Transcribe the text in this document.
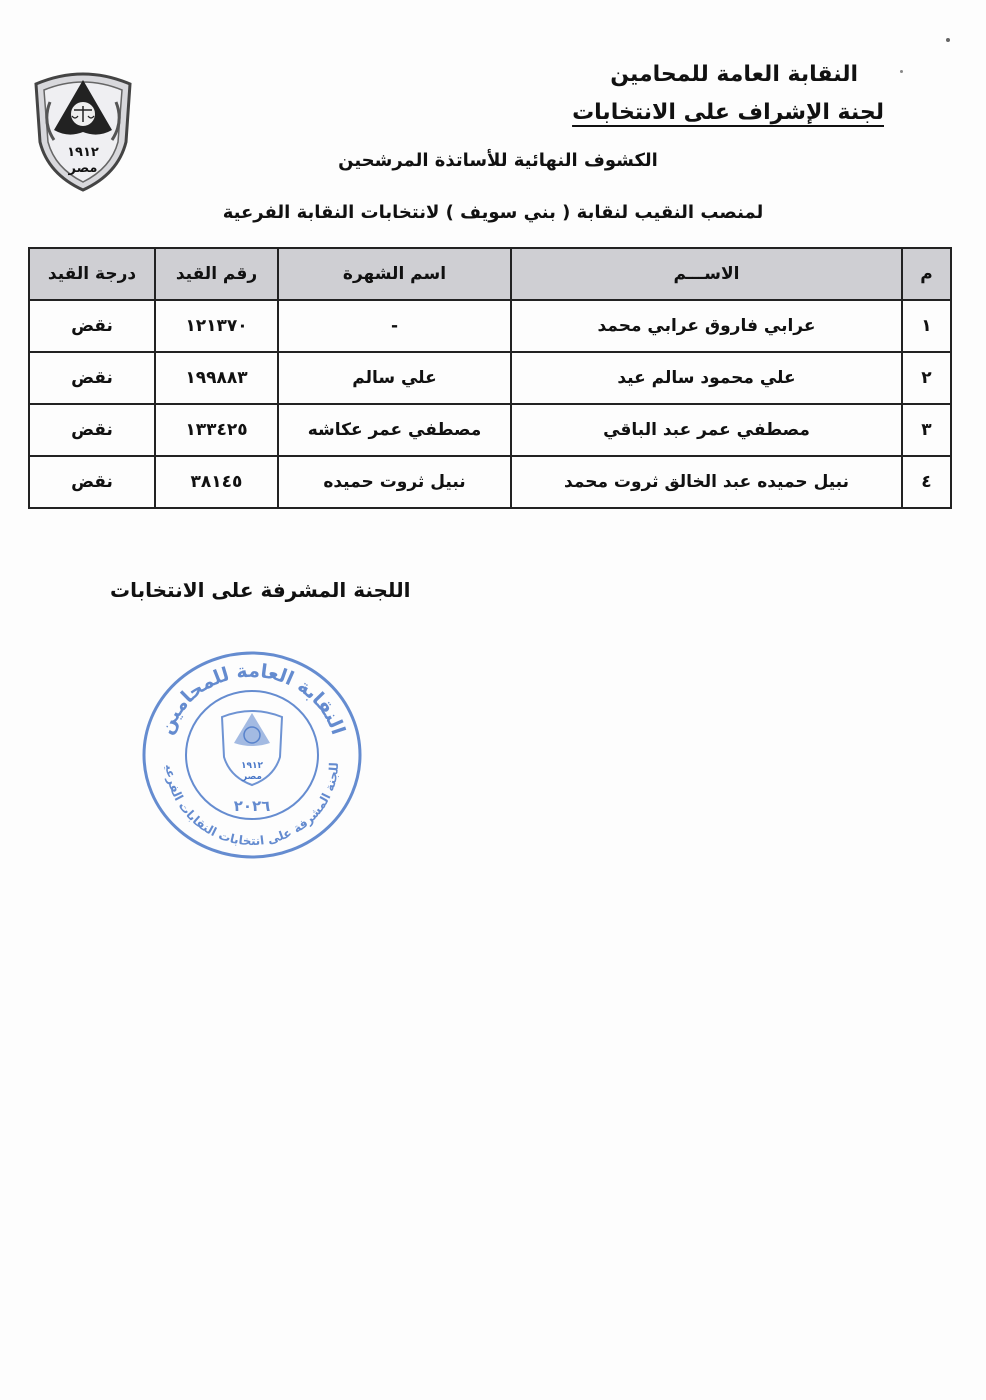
النقابة العامة للمحامين
لجنة الإشراف على الانتخابات
١٩١٢
مصر	الكشوف النهائية للأساتذة المرشحين
لمنصب النقيب لنقابة ( بني سويف ) لانتخابات النقابة الفرعية
م	الاســـم	اسم الشهرة	رقم القيد	درجة القيد
١	عرابي فاروق عرابي محمد	-	١٢١٣٧٠	نقض
٢	علي محمود سالم عيد	علي سالم	١٩٩٨٨٣	نقض
٣	مصطفي عمر عبد الباقي	مصطفي عمر عكاشه	١٣٣٤٢٥	نقض
٤	نبيل حميده عبد الخالق ثروت محمد	نبيل ثروت حميده	٣٨١٤٥	نقض
اللجنة المشرفة على الانتخابات
النقابة العامة للمحامين
للجنة المشرفة على انتخابات النقابات الفرعي	١٩١٢
مصر
٢٠٢٦
